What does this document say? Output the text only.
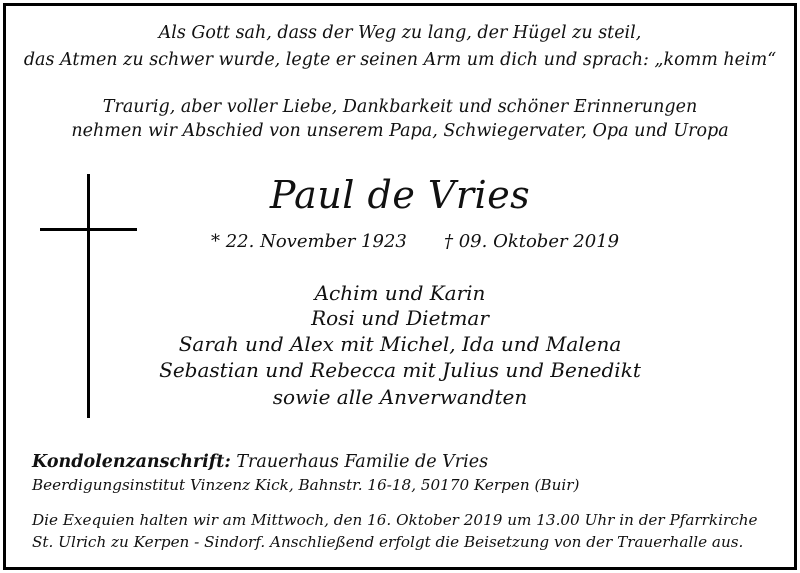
Als Gott sah, dass der Weg zu lang, der Hügel zu steil,
das Atmen zu schwer wurde, legte er seinen Arm um dich und sprach: „komm heim“
Traurig, aber voller Liebe, Dankbarkeit und schöner Erinnerungen
nehmen wir Abschied von unserem Papa, Schwiegervater, Opa und Uropa
Paul de Vries
* 22. November 1923 † 09. Oktober 2019
Achim und Karin
Rosi und Dietmar
Sarah und Alex mit Michel, Ida und Malena
Sebastian und Rebecca mit Julius und Benedikt
sowie alle Anverwandten
Kondolenzanschrift: Trauerhaus Familie de Vries
Beerdigungsinstitut Vinzenz Kick, Bahnstr. 16-18, 50170 Kerpen (Buir)
Die Exequien halten wir am Mittwoch, den 16. Oktober 2019 um 13.00 Uhr in der Pfarrkirche
St. Ulrich zu Kerpen - Sindorf. Anschließend erfolgt die Beisetzung von der Trauerhalle aus.
